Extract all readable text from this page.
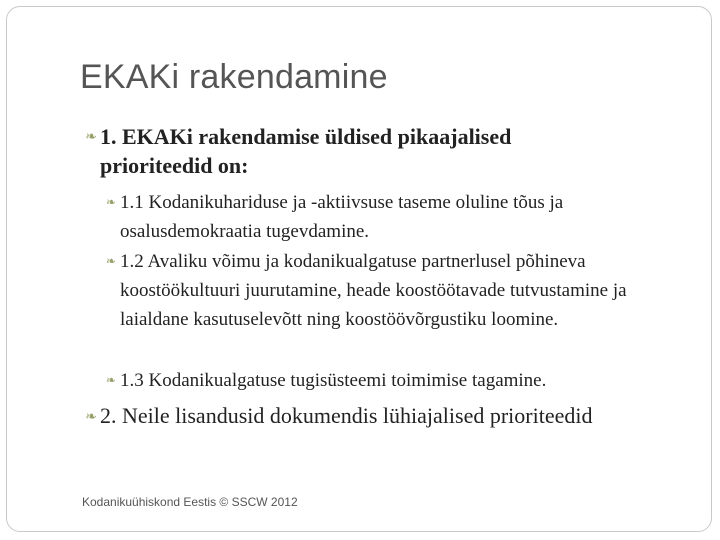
EKAKi rakendamine
❧ 1. EKAKi rakendamise üldised pikaajalised prioriteedid on:
❧ 1.1 Kodanikuhariduse ja -aktiivsuse taseme oluline tõus ja osalusdemokraatia tugevdamine.
❧ 1.2 Avaliku võimu ja kodanikualgatuse partnerlusel põhineva koostöökultuuri juurutamine, heade koostöötavade tutvustamine ja laialdane kasutuselevõtt ning koostöövõrgustiku loomine.
❧ 1.3 Kodanikualgatuse tugisüsteemi toimimise tagamine.
❧ 2. Neile lisandusid dokumendis lühiajalised prioriteedid
Kodanikuühiskond Eestis © SSCW 2012
